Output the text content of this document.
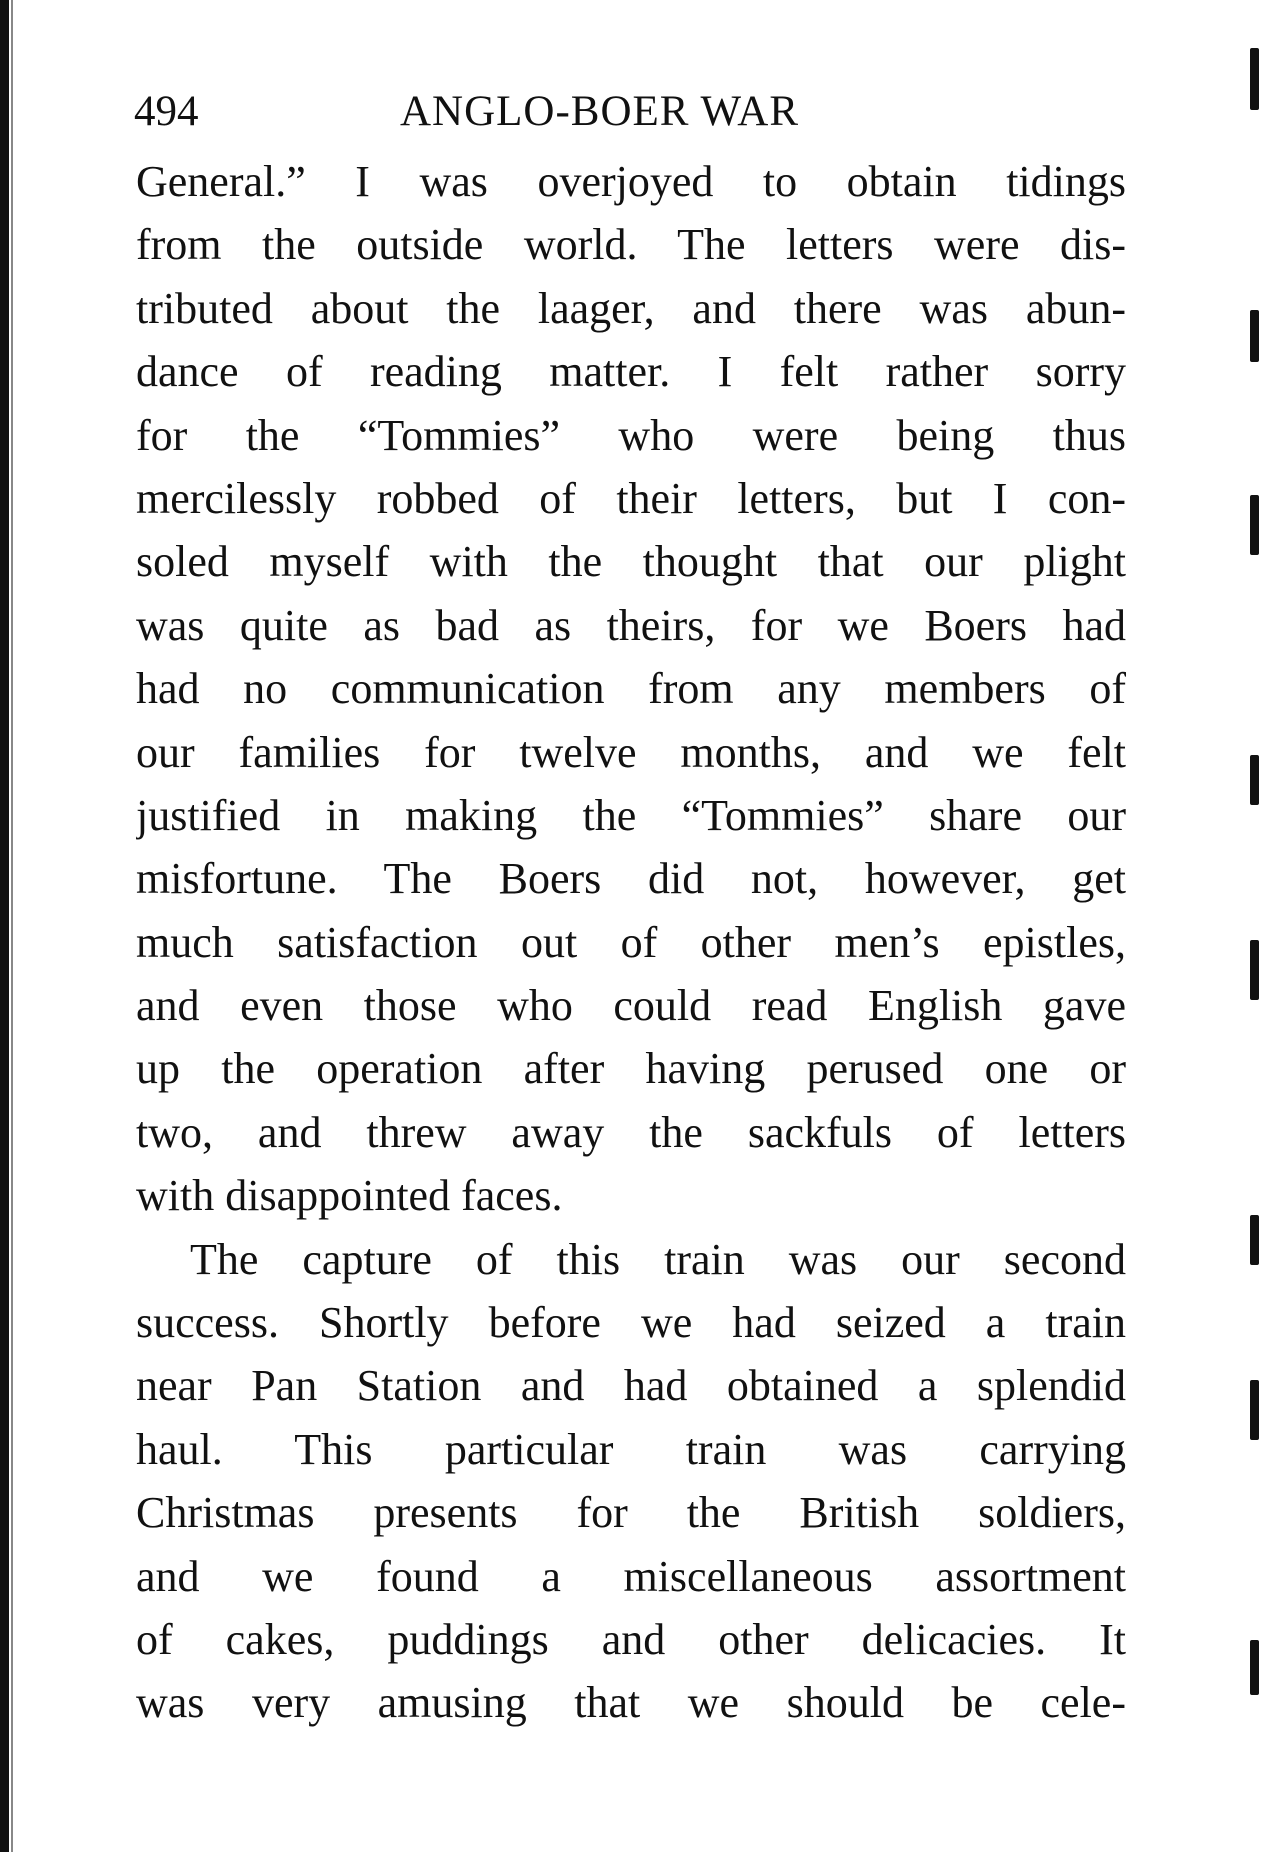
494	ANGLO-BOER WAR
General.” I was overjoyed to obtain tidings
from the outside world. The letters were dis-
tributed about the laager, and there was abun-
dance of reading matter. I felt rather sorry
for the “Tommies” who were being thus
mercilessly robbed of their letters, but I con-
soled myself with the thought that our plight
was quite as bad as theirs, for we Boers had
had no communication from any members of
our families for twelve months, and we felt
justified in making the “Tommies” share our
misfortune. The Boers did not, however, get
much satisfaction out of other men’s epistles,
and even those who could read English gave
up the operation after having perused one or
two, and threw away the sackfuls of letters
with disappointed faces.
The capture of this train was our second
success. Shortly before we had seized a train
near Pan Station and had obtained a splendid
haul. This particular train was carrying
Christmas presents for the British soldiers,
and we found a miscellaneous assortment
of cakes, puddings and other delicacies. It
was very amusing that we should be cele-
